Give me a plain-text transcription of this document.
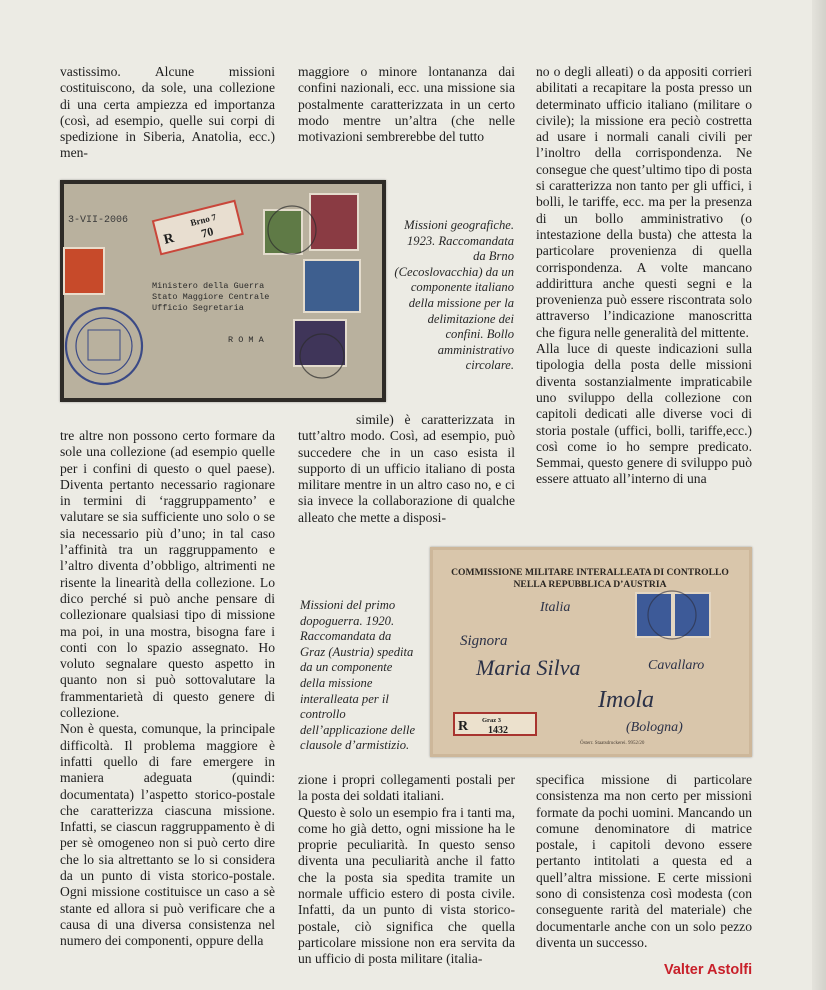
vastissimo. Alcune missioni costituiscono, da sole, una collezione di una certa ampiezza ed importanza (così, ad esempio, quelle sui corpi di spedizione in Siberia, Anatolia, ecc.) men-

maggiore o minore lontananza dai confini nazionali, ecc. una missione sia postalmente caratterizzata in un certo modo mentre un’altra (che nelle motivazioni sembrerebbe del tutto

no o degli alleati) o da appositi corrieri abilitati a recapitare la posta presso un determinato ufficio italiano (militare o civile); la missione era peciò costretta ad usare i normali canali civili per l’inoltro della corrispondenza. Ne consegue che quest’ultimo tipo di posta si caratterizza non tanto per gli uffici, i bolli, le tariffe, ecc. ma per la presenza di un bollo amministrativo (o intestazione della busta) che attesta la particolare provenienza di quella corrispondenza. A volte mancano addirittura anche questi segni e la provenienza può essere riscontrata solo attraverso l’indicazione manoscritta che figura nelle generalità del mittente.

Alla luce di queste indicazioni sulla tipologia della posta delle missioni diventa sostanzialmente impraticabile uno sviluppo della collezione con capitoli dedicati alle diverse voci di storia postale (uffici, bolli, tariffe,ecc.) così come io ho sempre predicato. Semmai, questo genere di sviluppo può essere attuato all’interno di una

3-VII-2006
R
Brno 7
70
Ministero della Guerra
Stato Maggiore Centrale
Ufficio Segretaria
R O M A
Missioni geografiche. 1923. Raccomandata da Brno (Cecoslovacchia) da un componente italiano della missione per la delimitazione dei confini. Bollo amministrativo circolare.

tre altre non possono certo formare da sole una collezione (ad esempio quelle per i confini di questo o quel paese). Diventa pertanto necessario ragionare in termini di ‘raggruppamento’ e valutare se sia sufficiente uno solo o se sia necessario più d’uno; in tal caso l’affinità tra un raggruppamento e l’altro diventa d’obbligo, altrimenti ne risente la linearità della collezione. Lo dico perché si può anche pensare di collezionare qualsiasi tipo di missione ma poi, in una mostra, bisogna fare i conti con lo spazio assegnato. Ho voluto segnalare questo aspetto in quanto non si può sottovalutare la frammentarietà di questo genere di collezione.

Non è questa, comunque, la principale difficoltà. Il problema maggiore è infatti quello di fare emergere in maniera adeguata (quindi: documentata) l’aspetto storico-postale che caratterizza ciascuna missione. Infatti, se ciascun raggruppamento è di per sè omogeneo non si può certo dire che lo sia altrettanto se lo si considera da un punto di vista storico-postale. Ogni missione costituisce un caso a sè stante ed allora si può verificare che a causa di una diversa consistenza nel numero dei componenti, oppure della

simile) è caratterizzata in tutt’altro modo. Così, ad esempio, può succedere che in un caso esista il supporto di un ufficio italiano di posta militare mentre in un altro caso no, e ci sia invece la collaborazione di qualche alleato che mette a disposi-

COMMISSIONE MILITARE INTERALLEATA DI CONTROLLO
NELLA REPUBBLICA D’AUSTRIA
Italia
Signora
Maria Silva	Cavallaro
Imola
(Bologna)
R Graz 3
1432
Österr. Staatsdruckerei. 9952/20
Missioni del primo dopoguerra. 1920. Raccomandata da Graz (Austria) spedita da un componente della missione interalleata per il controllo dell’applicazione delle clausole d’armistizio.

zione i propri collegamenti postali per la posta dei soldati italiani.

Questo è solo un esempio fra i tanti ma, come ho già detto, ogni missione ha le proprie peculiarità. In questo senso diventa una peculiarità anche il fatto che la posta sia spedita tramite un normale ufficio estero di posta civile. Infatti, da un punto di vista storico-postale, ciò significa che quella particolare missione non era servita da un ufficio di posta militare (italia-

specifica missione di particolare consistenza ma non certo per missioni formate da pochi uomini. Mancando un comune denominatore di matrice postale, i capitoli devono essere pertanto intitolati a questa ed a quell’altra missione. E certe missioni sono di consistenza così modesta (con conseguente rarità del materiale) che documentarle anche con un solo pezzo diventa un successo.

Valter Astolfi
